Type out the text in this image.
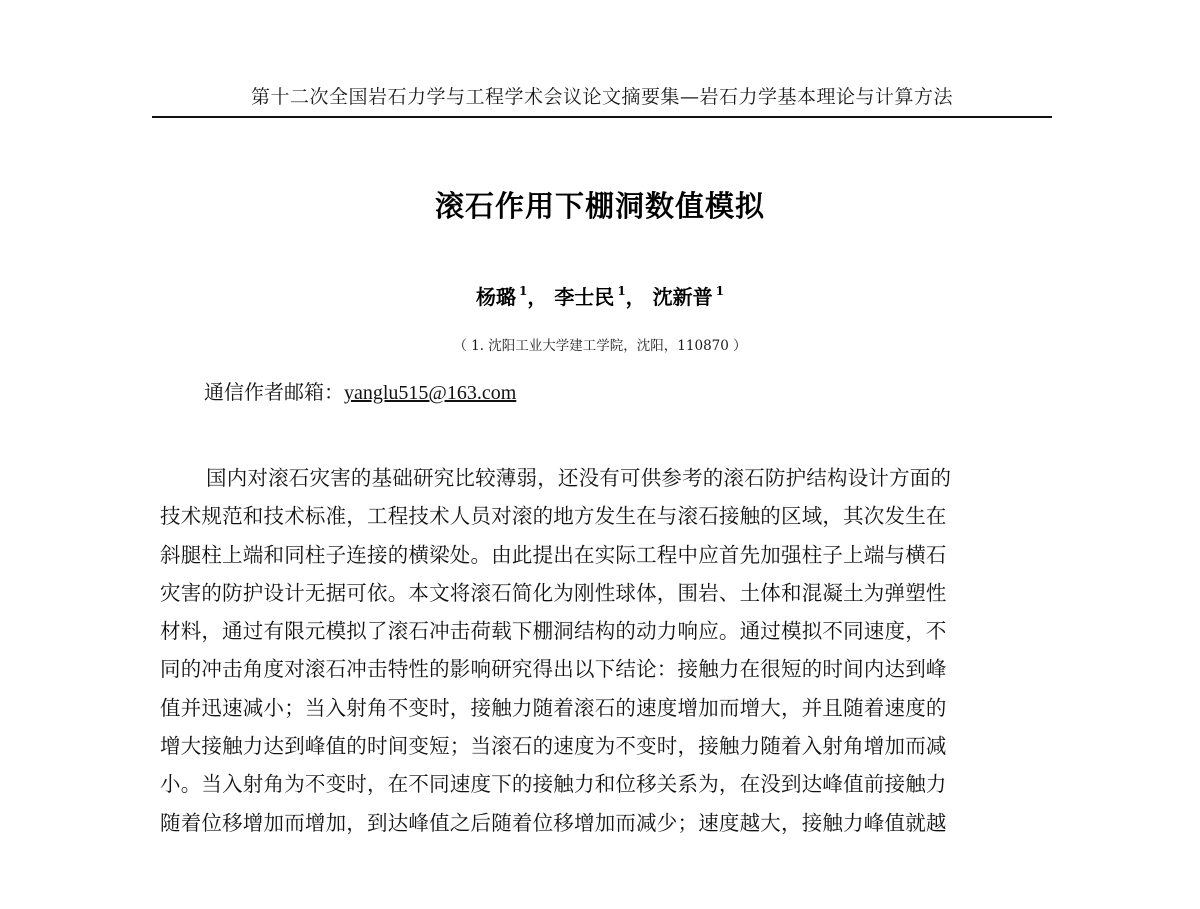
第十二次全国岩石力学与工程学术会议论文摘要集—岩石力学基本理论与计算方法
滚石作用下棚洞数值模拟
杨璐 $^1$， 李士民 $^1$， 沈新普 $^1$
（ 1. 沈阳工业大学建工学院，沈阳，110870 ）
通信作者邮箱：yanglu515@163.com
国内对滚石灾害的基础研究比较薄弱，还没有可供参考的滚石防护结构设计方面的
技术规范和技术标准，工程技术人员对滚的地方发生在与滚石接触的区域，其次发生在
斜腿柱上端和同柱子连接的横梁处。由此提出在实际工程中应首先加强柱子上端与横石
灾害的防护设计无据可依。本文将滚石简化为刚性球体，围岩、土体和混凝土为弹塑性
材料，通过有限元模拟了滚石冲击荷载下棚洞结构的动力响应。通过模拟不同速度，不
同的冲击角度对滚石冲击特性的影响研究得出以下结论：接触力在很短的时间内达到峰
值并迅速减小；当入射角不变时，接触力随着滚石的速度增加而增大，并且随着速度的
增大接触力达到峰值的时间变短；当滚石的速度为不变时，接触力随着入射角增加而减
小。当入射角为不变时，在不同速度下的接触力和位移关系为，在没到达峰值前接触力
随着位移增加而增加，到达峰值之后随着位移增加而减少；速度越大，接触力峰值就越
